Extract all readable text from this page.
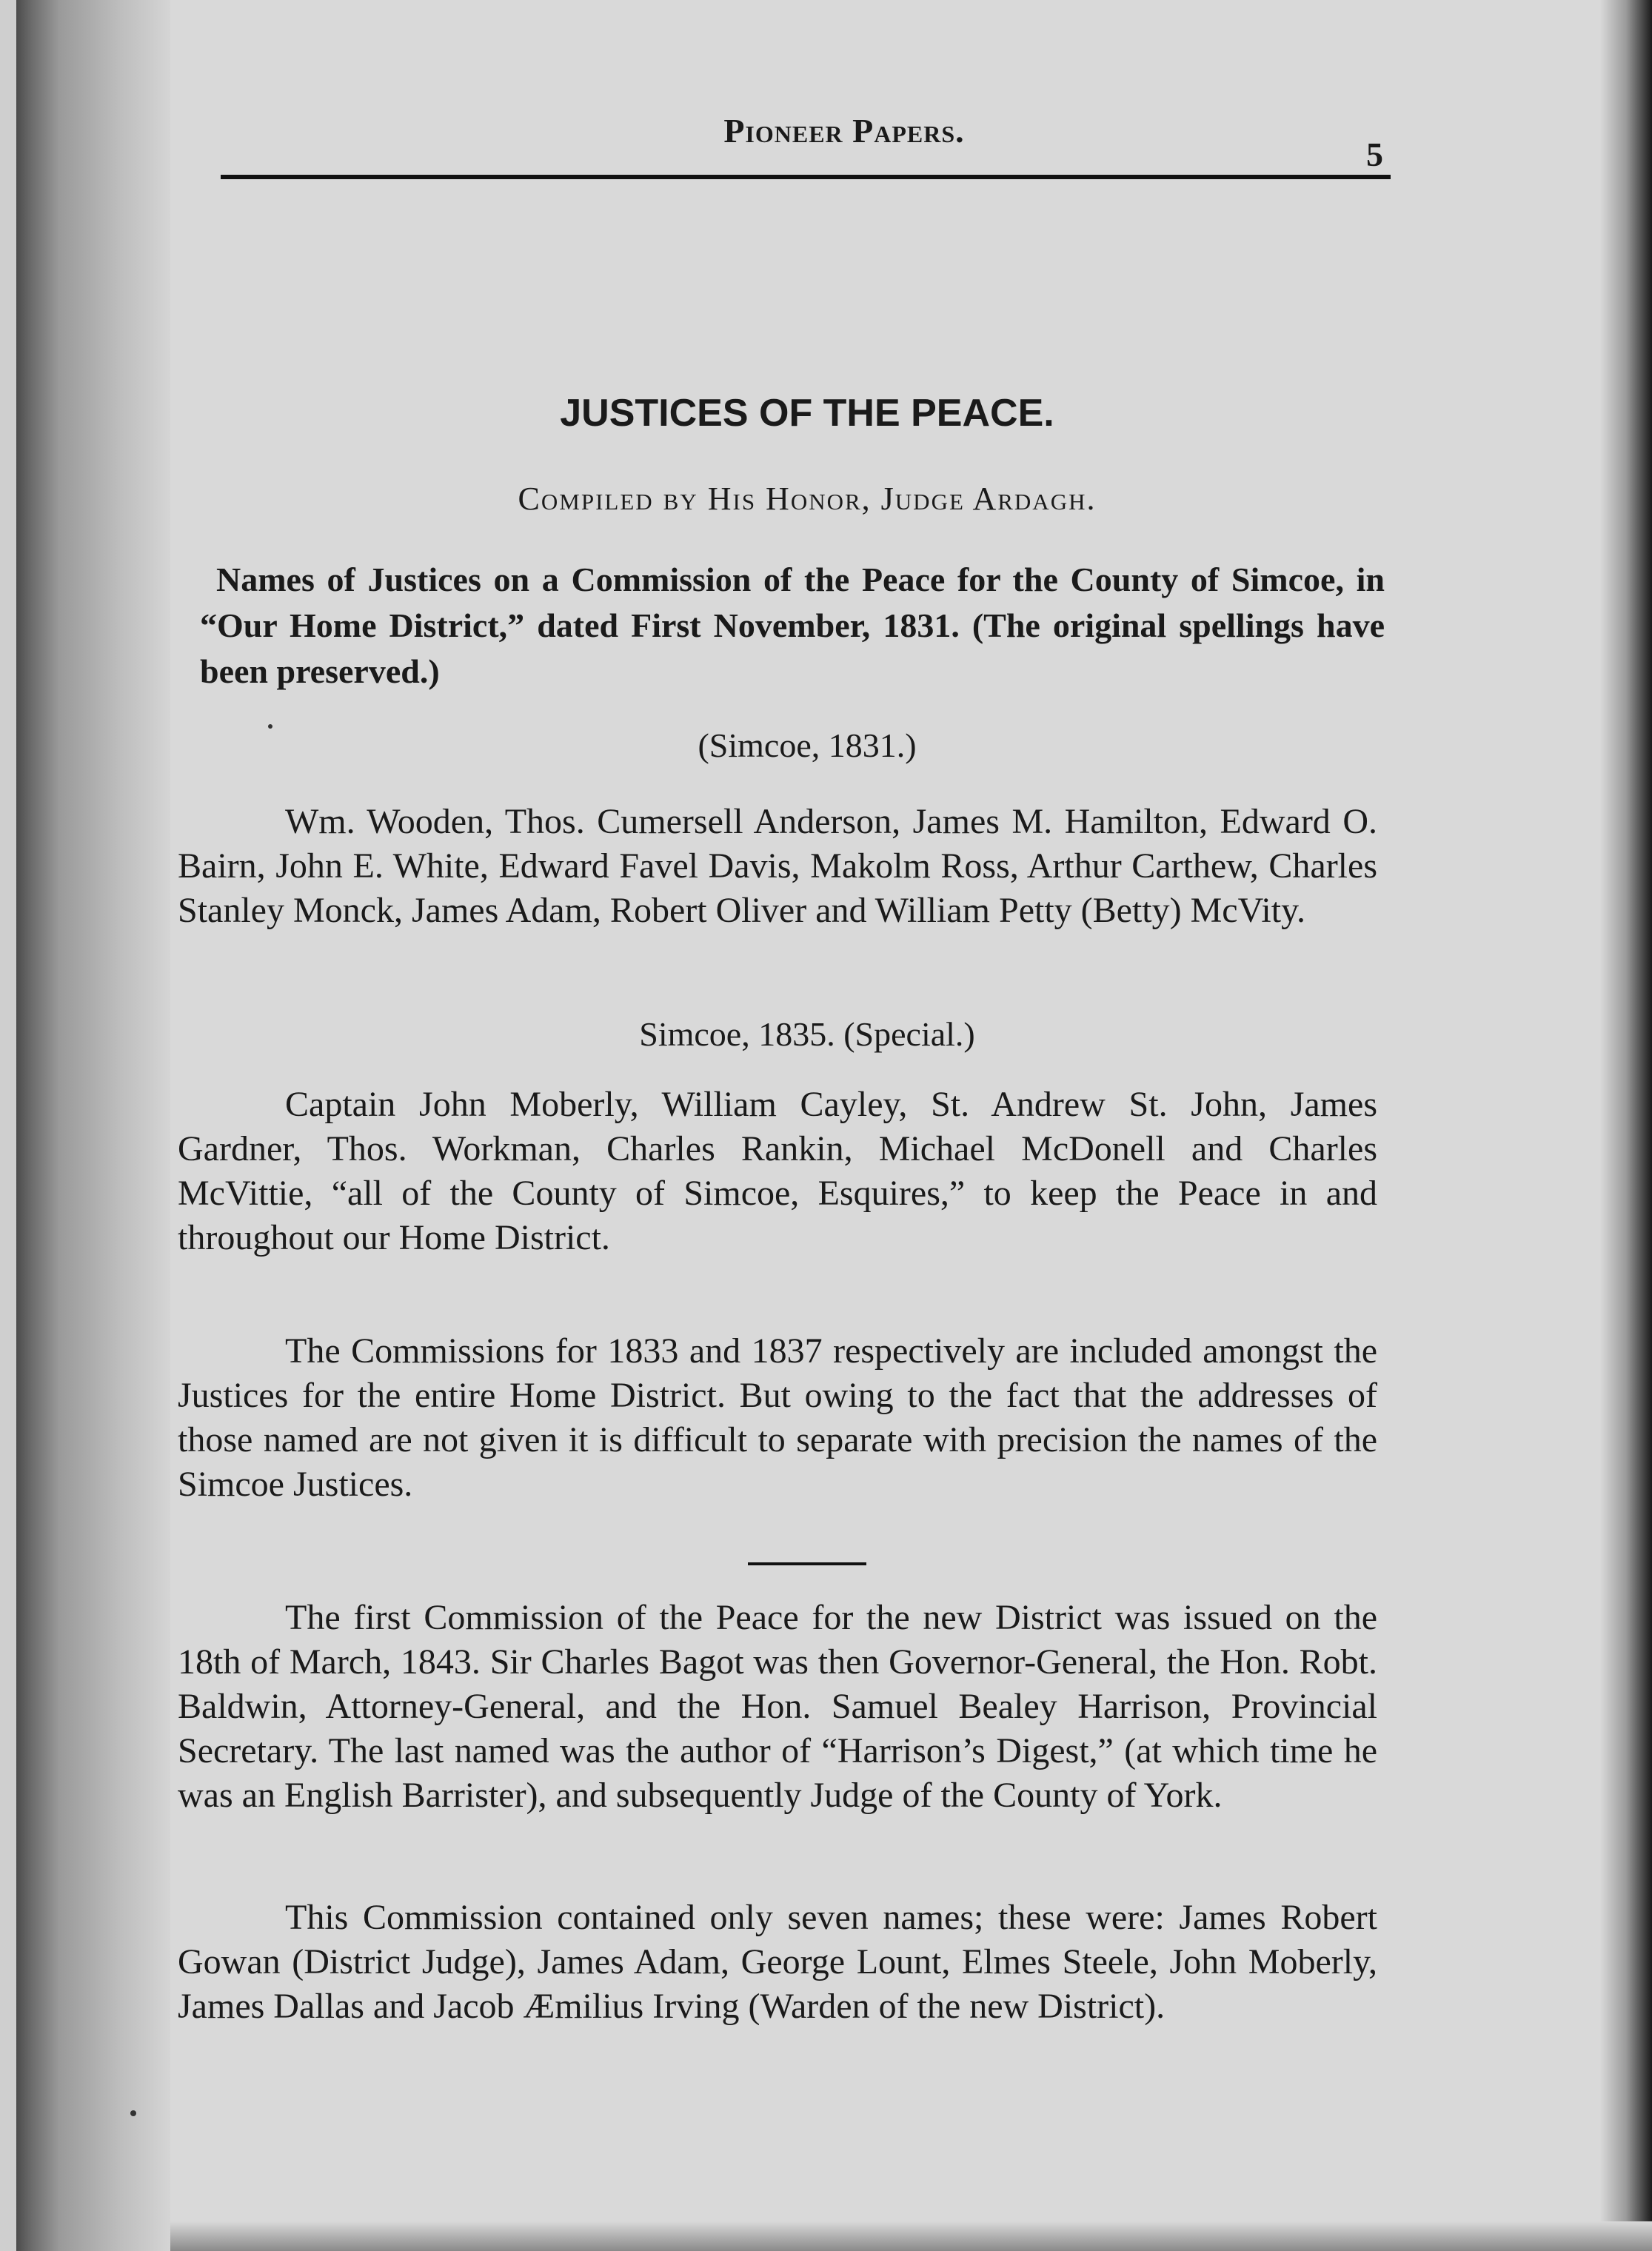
Pioneer Papers.
5
JUSTICES OF THE PEACE.
Compiled by His Honor, Judge Ardagh.
Names of Justices on a Commission of the Peace for the County of Simcoe, in “Our Home District,” dated First November, 1831. (The original spellings have been preserved.)
(Simcoe, 1831.)
Wm. Wooden, Thos. Cumersell Anderson, James M. Hamilton, Edward O. Bairn, John E. White, Edward Favel Davis, Makolm Ross, Arthur Carthew, Charles Stanley Monck, James Adam, Robert Oliver and William Petty (Betty) McVity.
Simcoe, 1835. (Special.)
Captain John Moberly, William Cayley, St. Andrew St. John, James Gardner, Thos. Workman, Charles Rankin, Michael McDonell and Charles McVittie, “all of the County of Simcoe, Esquires,” to keep the Peace in and throughout our Home District.
The Commissions for 1833 and 1837 respectively are included amongst the Justices for the entire Home District. But owing to the fact that the addresses of those named are not given it is difficult to separate with precision the names of the Simcoe Justices.
The first Commission of the Peace for the new District was issued on the 18th of March, 1843. Sir Charles Bagot was then Governor-General, the Hon. Robt. Baldwin, Attorney-General, and the Hon. Samuel Bealey Harrison, Provincial Secretary. The last named was the author of “Harrison’s Digest,” (at which time he was an English Barrister), and subsequently Judge of the County of York.
This Commission contained only seven names; these were: James Robert Gowan (District Judge), James Adam, George Lount, Elmes Steele, John Moberly, James Dallas and Jacob Æmilius Irving (Warden of the new District).
